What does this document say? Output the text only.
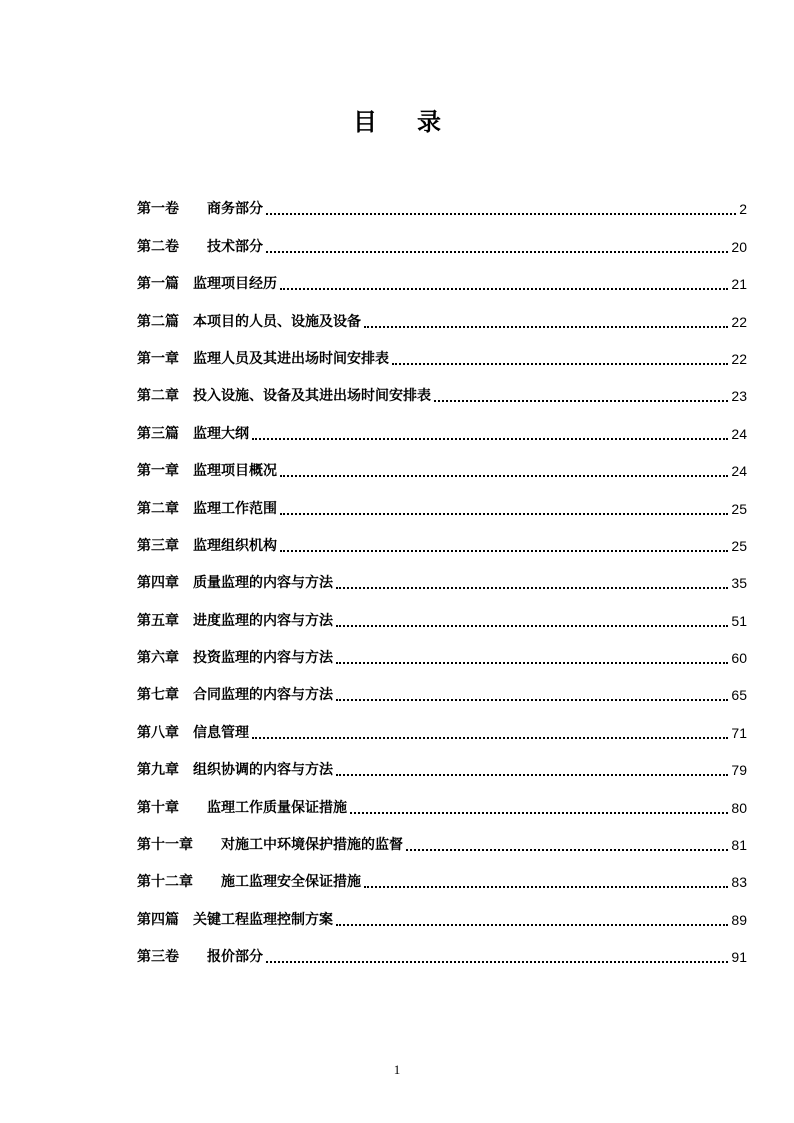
目 录
第一卷 商务部分	2
第二卷 技术部分	20
第一篇 监理项目经历	21
第二篇 本项目的人员、设施及设备	22
第一章 监理人员及其进出场时间安排表	22
第二章 投入设施、设备及其进出场时间安排表	23
第三篇 监理大纲	24
第一章 监理项目概况	24
第二章 监理工作范围	25
第三章 监理组织机构	25
第四章 质量监理的内容与方法	35
第五章 进度监理的内容与方法	51
第六章 投资监理的内容与方法	60
第七章 合同监理的内容与方法	65
第八章 信息管理	71
第九章 组织协调的内容与方法	79
第十章 监理工作质量保证措施	80
第十一章 对施工中环境保护措施的监督	81
第十二章 施工监理安全保证措施	83
第四篇 关键工程监理控制方案	89
第三卷 报价部分	91
1
